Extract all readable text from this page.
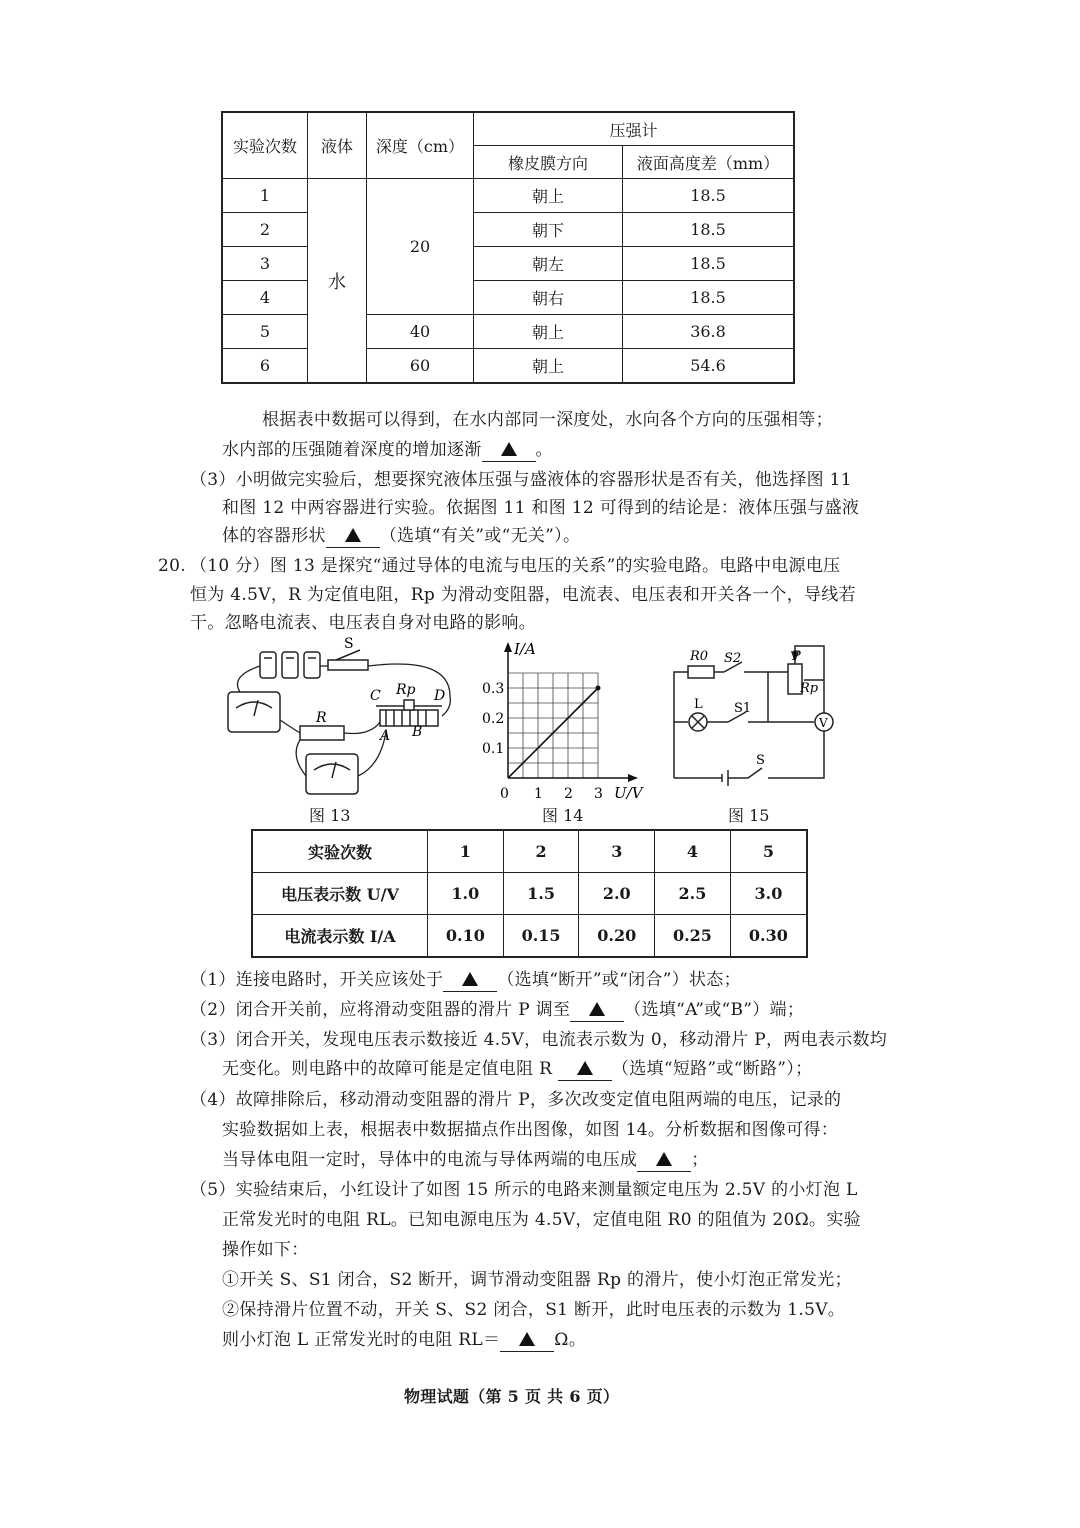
实验次数	液体	深度（cm）	压强计	
			橡皮膜方向	液面高度差（mm）
1	水	20	朝上	18.5
2			朝下	18.5
3			朝左	18.5
4			朝右	18.5
5		40	朝上	36.8
6		60	朝上	54.6
根据表中数据可以得到，在水内部同一深度处，水向各个方向的压强相等；
水内部的压强随着深度的增加逐渐	。
（3）小明做完实验后，想要探究液体压强与盛液体的容器形状是否有关，他选择图 11
和图 12 中两容器进行实验。依据图 11 和图 12 可得到的结论是：液体压强与盛液
体的容器形状	（选填“有关”或“无关”）。
20. （10 分）图 13 是探究“通过导体的电流与电压的关系”的实验电路。电路中电源电压
恒为 4.5V，R 为定值电阻，Rp 为滑动变阻器，电流表、电压表和开关各一个，导线若
干。忽略电流表、电压表自身对电路的影响。
S
C Rp D
A B
R
图 13
I/A
U/V
0.1
0.2
0.3
0 1 2 3
图 14
R0 S2	P
Rp
L S1
V
S
图 15
实验次数	1	2	3	4	5
电压表示数 U/V	1.0	1.5	2.0	2.5	3.0
电流表示数 I/A	0.10	0.15	0.20	0.25	0.30
（1）连接电路时，开关应该处于	（选填“断开”或“闭合”）状态；
（2）闭合开关前，应将滑动变阻器的滑片 P 调至	（选填“A”或“B”）端；
（3）闭合开关，发现电压表示数接近 4.5V，电流表示数为 0，移动滑片 P，两电表示数均
无变化。则电路中的故障可能是定值电阻 R	（选填“短路”或“断路”）；
（4）故障排除后，移动滑动变阻器的滑片 P，多次改变定值电阻两端的电压，记录的
实验数据如上表，根据表中数据描点作出图像，如图 14。分析数据和图像可得：
当导体电阻一定时，导体中的电流与导体两端的电压成	；
（5）实验结束后，小红设计了如图 15 所示的电路来测量额定电压为 2.5V 的小灯泡 L
正常发光时的电阻 RL。已知电源电压为 4.5V，定值电阻 R0 的阻值为 20Ω。实验
操作如下：
①开关 S、S1 闭合，S2 断开，调节滑动变阻器 Rp 的滑片，使小灯泡正常发光；
②保持滑片位置不动，开关 S、S2 闭合，S1 断开，此时电压表的示数为 1.5V。
则小灯泡 L 正常发光时的电阻 RL＝	Ω。
物理试题（第 5 页 共 6 页）
